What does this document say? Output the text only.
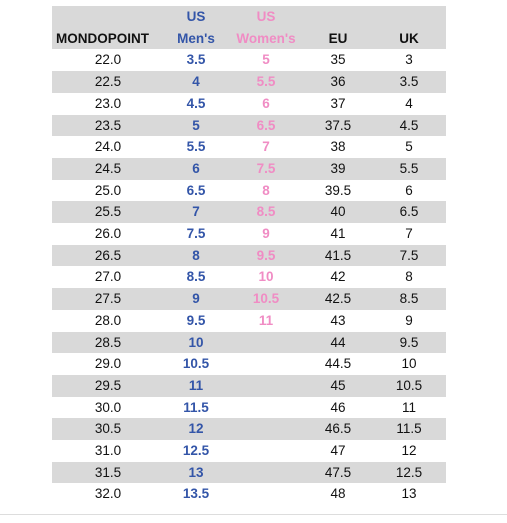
	US	US		
MONDOPOINT	Men's	Women's	EU	UK
22.0	3.5	5	35	3
22.5	4	5.5	36	3.5
23.0	4.5	6	37	4
23.5	5	6.5	37.5	4.5
24.0	5.5	7	38	5
24.5	6	7.5	39	5.5
25.0	6.5	8	39.5	6
25.5	7	8.5	40	6.5
26.0	7.5	9	41	7
26.5	8	9.5	41.5	7.5
27.0	8.5	10	42	8
27.5	9	10.5	42.5	8.5
28.0	9.5	11	43	9
28.5	10		44	9.5
29.0	10.5		44.5	10
29.5	11		45	10.5
30.0	11.5		46	11
30.5	12		46.5	11.5
31.0	12.5		47	12
31.5	13		47.5	12.5
32.0	13.5		48	13
